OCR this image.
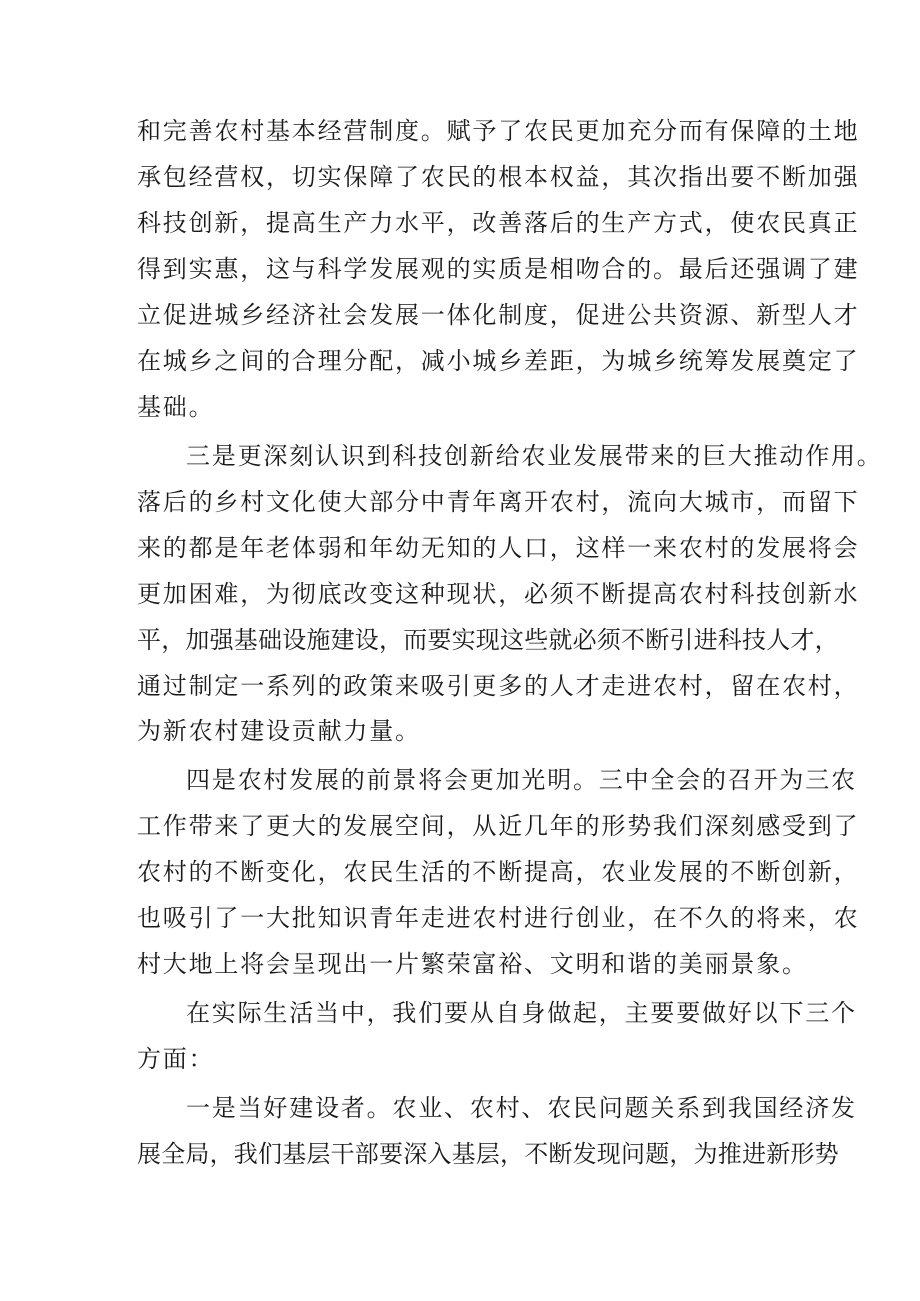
和完善农村基本经营制度。赋予了农民更加充分而有保障的土地
承包经营权，切实保障了农民的根本权益，其次指出要不断加强
科技创新，提高生产力水平，改善落后的生产方式，使农民真正
得到实惠，这与科学发展观的实质是相吻合的。最后还强调了建
立促进城乡经济社会发展一体化制度，促进公共资源、新型人才
在城乡之间的合理分配，减小城乡差距，为城乡统筹发展奠定了
基础。
三是更深刻认识到科技创新给农业发展带来的巨大推动作用。
落后的乡村文化使大部分中青年离开农村，流向大城市，而留下
来的都是年老体弱和年幼无知的人口，这样一来农村的发展将会
更加困难，为彻底改变这种现状，必须不断提高农村科技创新水
平，加强基础设施建设，而要实现这些就必须不断引进科技人才，
通过制定一系列的政策来吸引更多的人才走进农村，留在农村，
为新农村建设贡献力量。
四是农村发展的前景将会更加光明。三中全会的召开为三农
工作带来了更大的发展空间，从近几年的形势我们深刻感受到了
农村的不断变化，农民生活的不断提高，农业发展的不断创新，
也吸引了一大批知识青年走进农村进行创业，在不久的将来，农
村大地上将会呈现出一片繁荣富裕、文明和谐的美丽景象。
在实际生活当中，我们要从自身做起，主要要做好以下三个
方面：
一是当好建设者。农业、农村、农民问题关系到我国经济发
展全局，我们基层干部要深入基层，不断发现问题，为推进新形势
